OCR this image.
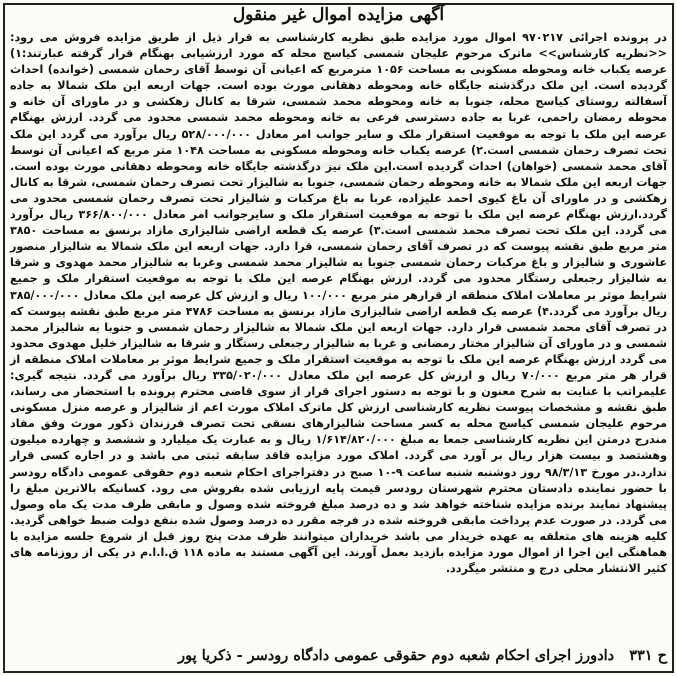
آگهی مزایده اموال غیر منقول

در پرونده اجرائی ۹۷۰۲۱۷ اموال مورد مزایده طبق نظریه کارشناسی به قرار ذیل از طریق مزایده فروش می رود:<<نظریه کارشناس>> ماترک مرحوم علیجان شمسی کیاسج محله که مورد ارزشیابی بهنگام قرار گرفته عبارتند:۱) عرصه یکباب خانه ومحوطه مسکونی به مساحت ۱۰۵۶ مترمربع که اعیانی آن توسط آقای رحمان شمسی (خوانده) احداث گردیده است. این ملک درگذشته جایگاه خانه ومحوطه دهقانی مورث بوده است. جهات اربعه این ملک شمالا به جاده آسفالته روستای کیاسج محله، جنوبا به خانه ومحوطه محمد شمسی، شرقا به کانال زهکشی و در ماورای آن خانه و محوطه رمضان راحمی، غربا به جاده دسترسی فرعی به خانه ومحوطه محمد شمسی محدود می گردد. ارزش بهنگام عرصه این ملک با توجه به موقعیت استقرار ملک و سایر جوانب امر معادل ۵۲۸/۰۰۰/۰۰۰ ریال برآورد می گردد این ملک تحت تصرف رحمان شمسی است.۲) عرصه یکباب خانه ومحوطه مسکونی به مساحت ۱۰۴۸ متر مربع که اعیانی آن توسط آقای محمد شمسی (خواهان) احداث گردیده است.این ملک نیز درگذشته جایگاه خانه ومحوطه دهقانی مورث بوده است. جهات اربعه این ملک شمالا به خانه ومحوطه رحمان شمسی، جنوبا به شالیزار تحت تصرف رحمان شمسی، شرقا به کانال زهکشی و در ماورای آن باغ کیوی احمد علیزاده، غربا به باغ مرکبات و شالیزار تحت تصرف رحمان شمسی محدود می گردد.ارزش بهنگام عرصه این ملک با توجه به موقعیت استقرار ملک و سایرجوانب امر معادل ۳۶۶/۸۰۰/۰۰۰ ریال برآورد می گردد. این ملک تحت تصرف محمد شمسی است.۳) عرصه یک قطعه اراضی شالیزاری مازاد برنسق به مساحت ۳۸۵۰ متر مربع طبق نقشه پیوست که در تصرف آقای رحمان شمسی، قرا دارد. جهات اربعه این ملک شمالا به شالیزار منصور عاشوری و شالیزار و باغ مرکبات رحمان شمسی جنوبا به شالیزار محمد شمسی وغربا به شالیزار محمد مهدوی و شرقا به شالیزار رجبعلی رستگار محدود می گردد. ارزش بهنگام عرصه این ملک با توجه به موقعیت استقرار ملک و جمیع شرایط موثر بر معاملات املاک منطقه از قرارهر متر مربع ۱۰۰/۰۰۰ ریال و ارزش کل عرصه این ملک معادل ۳۸۵/۰۰۰/۰۰۰ ریال برآورد می گردد.۴) عرصه یک قطعه اراضی شالیزاری مازاد برنسق به مساحت ۴۷۸۶ متر مربع طبق نقشه پیوست که در تصرف آقای محمد شمسی قرار دارد. جهات اربعه این ملک شمالا به شالیزار رحمان شمسی و جنوبا به شالیزار محمد شمسی و در ماورای آن شالیزار مختار رمضانی و غربا به شالیزار رجبعلی رستگار و شرقا به شالیزار خلیل مهدوی محدود می گردد ارزش بهنگام عرصه این ملک با توجه به موقعیت استقرار ملک و جمیع شرایط موثر بر معاملات املاک منطقه از قرار هر متر مربع ۷۰/۰۰۰ ریال و ارزش کل عرصه این ملک معادل ۳۳۵/۰۲۰/۰۰۰ ریال برآورد می گردد. نتیجه گیری: علیمراتب با عنایت به شرح معنون و با توجه به دستور اجرای قرار از سوی قاضی محترم پرونده با استحضار می رساند، طبق نقشه و مشخصات پیوست نظریه کارشناسی ارزش کل ماترک املاک مورث اعم از شالیزار و عرصه منزل مسکونی مرحوم علیجان شمسی کیاسج محله به کسر مساحت شالیزارهای نسقی تحت تصرف فرزندان ذکور مورث وفق مفاد مندرج درمتن این نظریه کارشناسی جمعا به مبلغ ۱/۶۱۴/۸۲۰/۰۰۰ ریال و به عبارت یک میلیارد و ششصد و چهارده میلیون وهشتصد و بیست هزار ریال بر آورد می گردد. املاک مورد مزایده فاقد سابقه ثبتی می باشد و در اجاره کسی قرار ندارد.در مورخ ۹۸/۳/۱۳ روز دوشنبه شنبه ساعت ۹-۱۰ صبح در دفتراجرای احکام شعبه دوم حقوقی عمومی دادگاه رودسر با حضور نماینده دادستان محترم شهرستان رودسر قیمت پایه ارزیابی شده بفروش می رود. کسانیکه بالاترین مبلغ را پیشنهاد نمایند برنده مزایده شناخته خواهد شد و ده درصد مبلغ فروخته شده وصول و مابقی ظرف مدت یک ماه وصول می گردد. در صورت عدم پرداخت مابقی فروخته شده در فرجه مقرر ده درصد وصول شده بنفع دولت ضبط خواهی گردید. کلیه هزینه های متعلقه به عهده خریدار می باشد خریداران میتوانند ظرف مدت پنج روز قبل از شروع جلسه مزایده با هماهنگی این اجرا از اموال مورد مزایده بازدید بعمل آورند. این آگهی مستند به ماده ۱۱۸ ق.ا.ا.م در یکی از روزنامه های کثیر الانتشار محلی درج و منتشر میگردد.

ح ۳۳۱ دادورز اجرای احکام شعبه دوم حقوقی عمومی دادگاه رودسر - ذکریا پور
